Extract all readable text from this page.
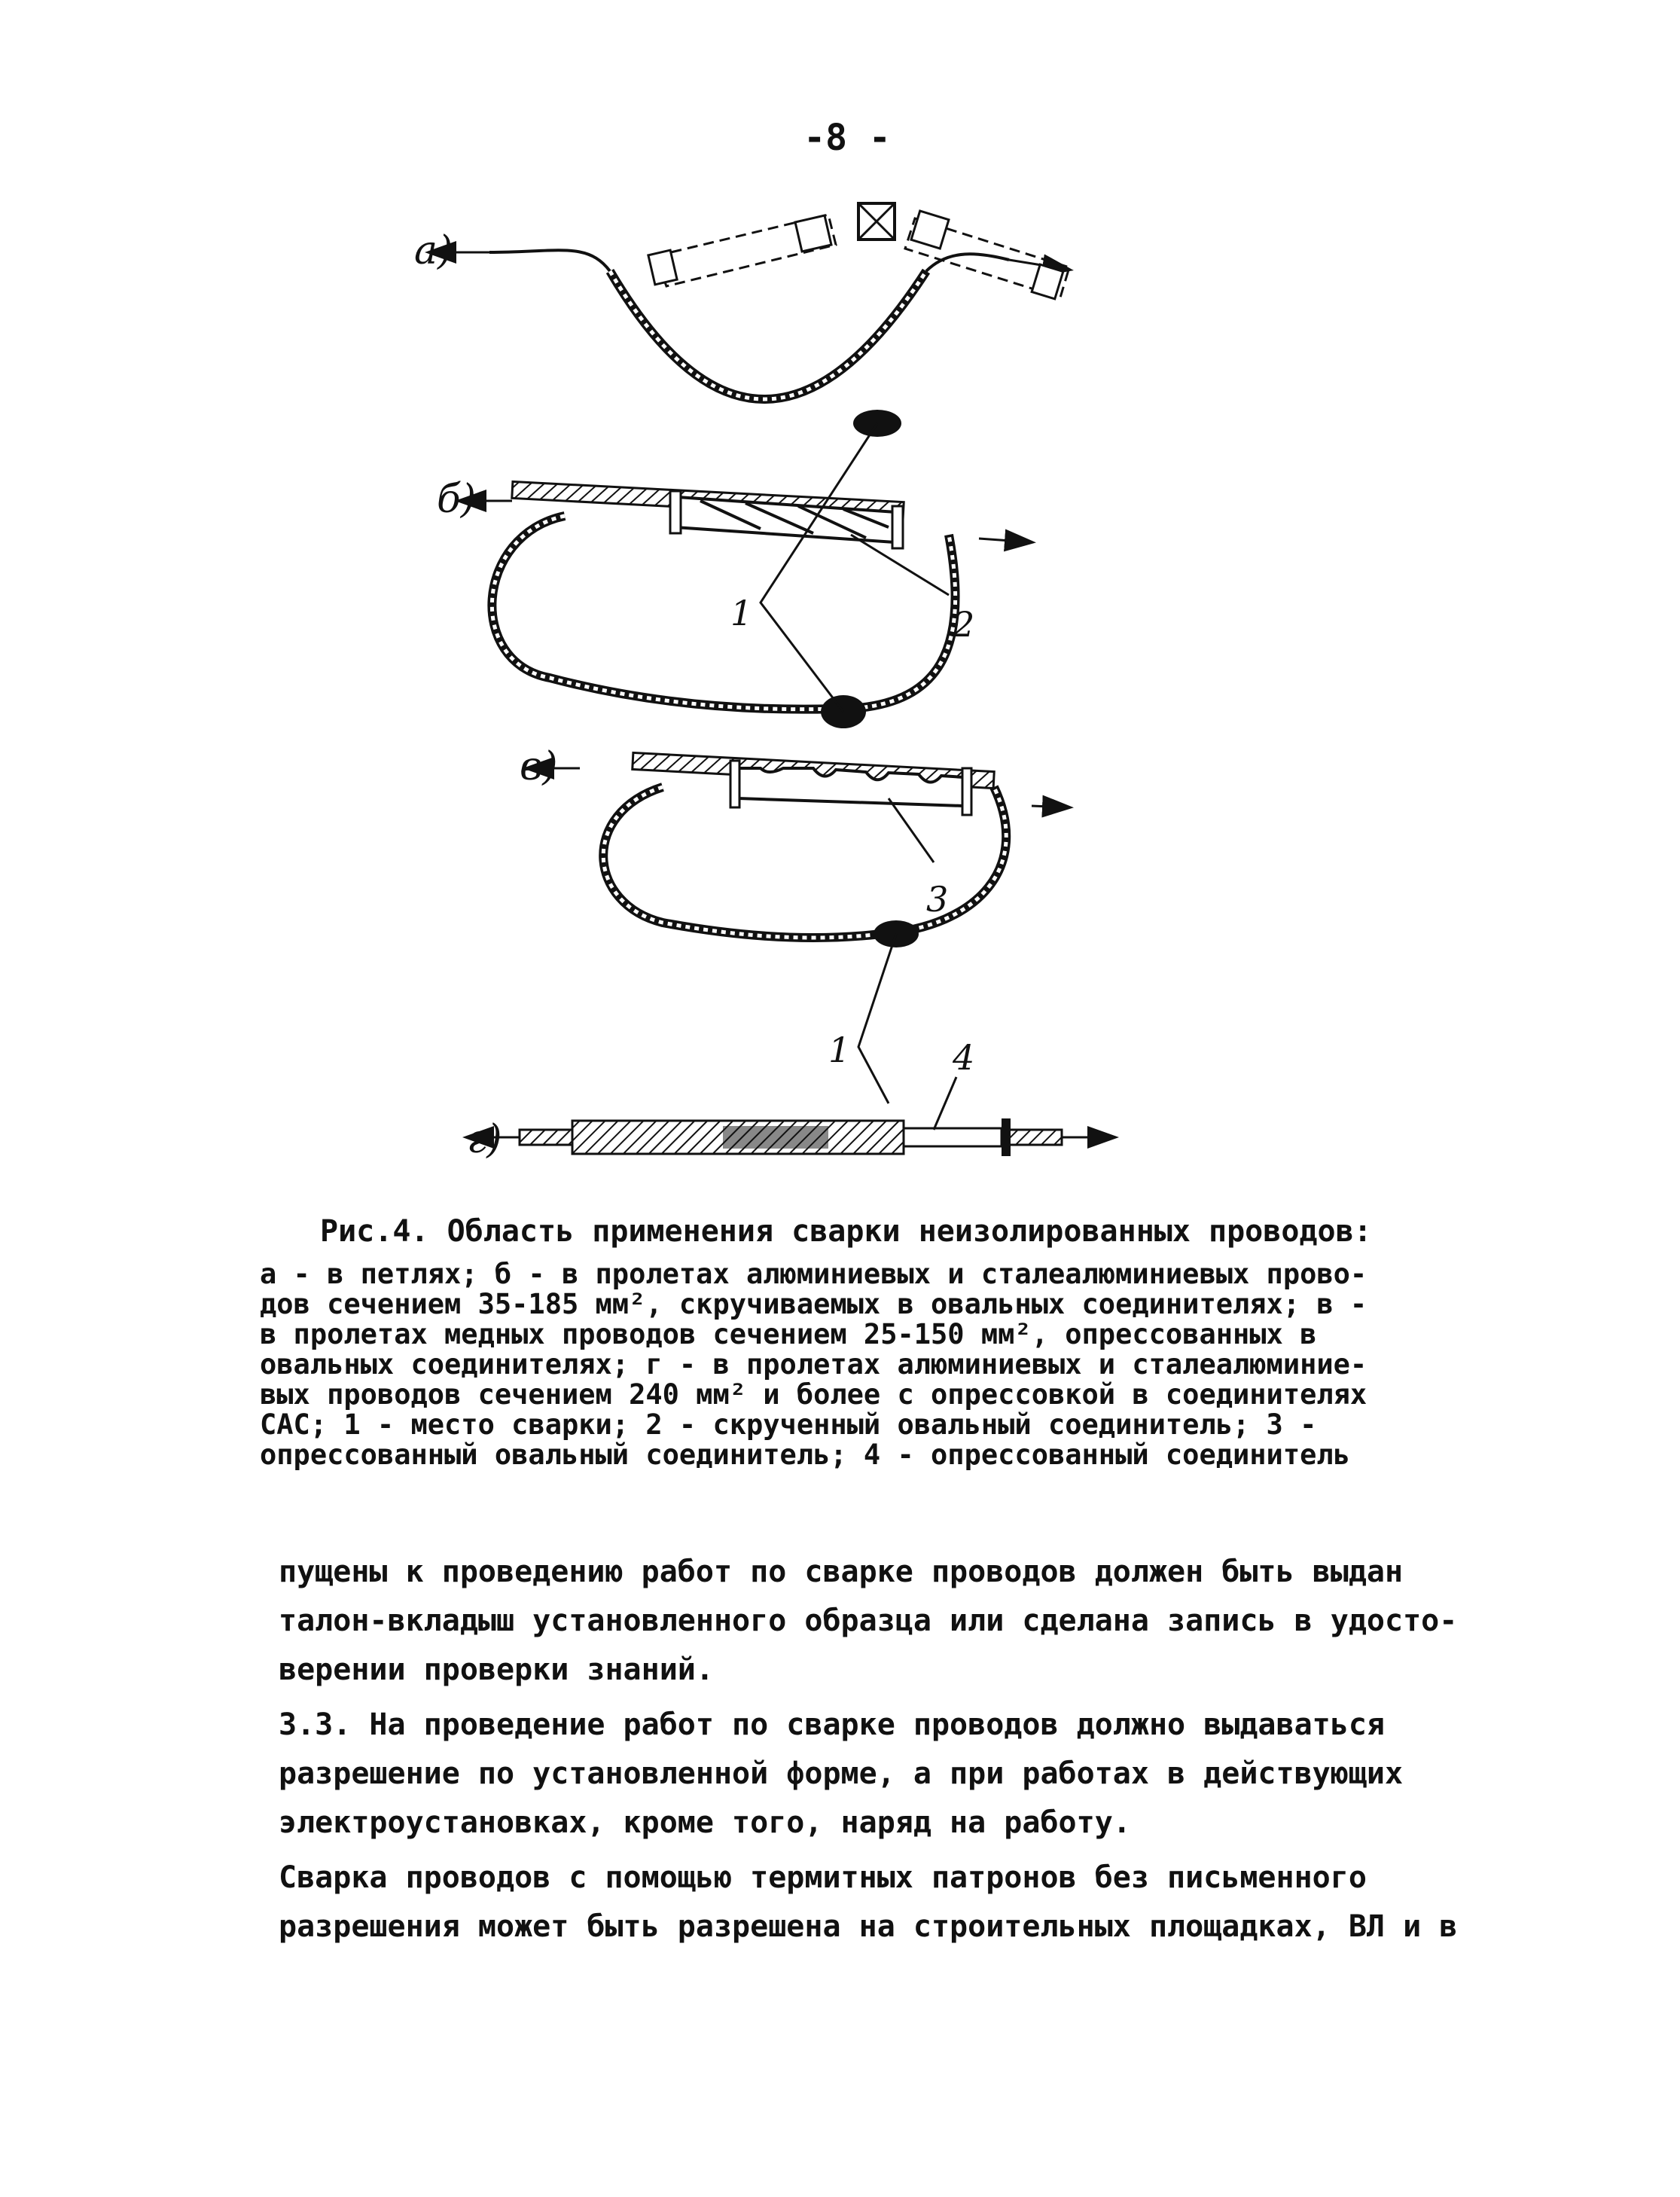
-8 -
а)
б)
1	2
в)
3
1
г)
4
Рис.4. Область применения сварки неизолированных проводов:
а - в петлях; б - в пролетах алюминиевых и сталеалюминиевых прово-
дов сечением 35-185 мм², скручиваемых в овальных соединителях; в -
в пролетах медных проводов сечением 25-150 мм², опрессованных в
овальных соединителях; г - в пролетах алюминиевых и сталеалюминие-
вых проводов сечением 240 мм² и более с опрессовкой в соединителях
САС; 1 - место сварки; 2 - скрученный овальный соединитель; 3 -
опрессованный овальный соединитель; 4 - опрессованный соединитель

пущены к проведению работ по сварке проводов должен быть выдан
талон-вкладыш установленного образца или сделана запись в удосто-
верении проверки знаний.

3.3. На проведение работ по сварке проводов должно выдаваться
разрешение по установленной форме, а при работах в действующих
электроустановках, кроме того, наряд на работу.

Сварка проводов с помощью термитных патронов без письменного
разрешения может быть разрешена на строительных площадках, ВЛ и в
